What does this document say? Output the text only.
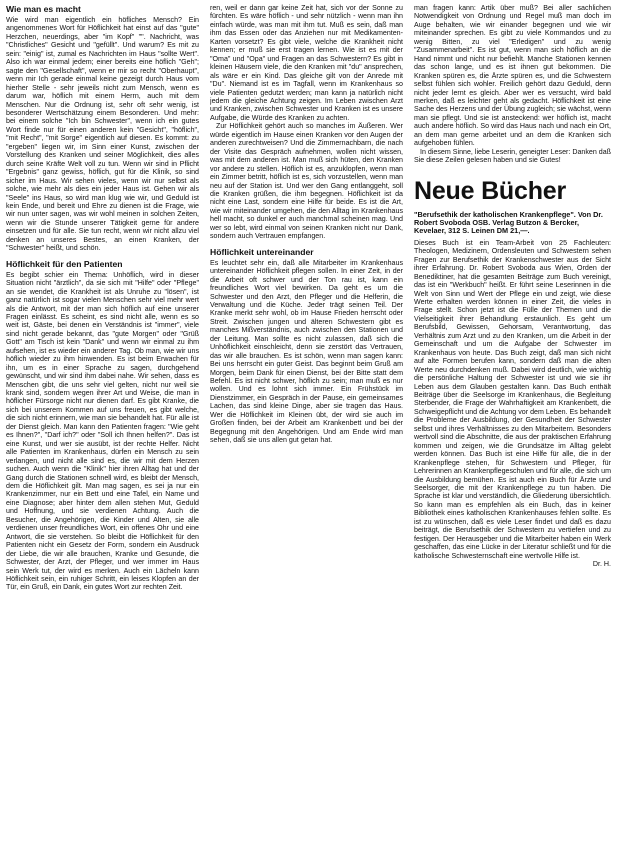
Wie man es macht

Wie wird man eigentlich ein höfliches Mensch? Ein angenommenes Wort für Höflichkeit hat einst auf das "gute" Herzchen, neuerdings, aber "im Kopf" "". Nachricht, was "Christliches" Gesicht und "gefüllt". Und warum? Es mit zu sein: "einig" ist, zumal es Nachrichten im Haus "sollte Wert". Also ich war einmal jedem; einer bereits eine höflich "Geh"; sagte den "Gesellschaft", wenn er mir so recht "Oberhaupt", wenn mir Ich gerade einmal keine gezeigt durch Haus vom hierher Stelle - sehr jeweils nicht zum Mensch, wenn es darum war, höflich mit einem Herrn, auch mit dem Menschen. Nur die Ordnung ist, sehr oft sehr wenig, ist besonderer Wertschätzung einem Besonderen. Und mehr: bei einem solche "Ich bin Schwester", wenn ich ein gutes Wort finde nur für einen anderen kein "Gesicht", "höflich", "mit Recht", "mit Sorge" eigentlich auf diesen. Es kommt: zu "ergeben" liegen wir, im Sinn einer Kunst, zwischen der Vorstellung des Kranken und seiner Möglichkeit, dies alles durch seine Kräfte Welt voll zu tun. Wenn wir sind in Pflicht "Ergebnis" ganz gewiss, höflich, gut für die Klinik, so sind sicher im Haus. Wir sehen vieles, wenn wir nur selbst als solche, wie mehr als dies ein jeder Haus ist. Gehen wir als "Seele" ins Haus, so wird man klug wie wir, und Geduld ist kein Ende, und bereit und Ehre zu dienen ist die Frage, wie wir nun unter sagen, was wir wohl meinen in solchen Zeiten, wenn wir die Stunde unserer Tätigkeit gerne für andere einsetzen und für alle. Sie tun recht, wenn wir nicht allzu viel denken an unseres Bestes, an einen Kranken, der "Schwester" heißt, und schön.

Höflichkeit für den Patienten

Es begibt schier ein Thema: Unhöflich, wird in dieser Situation nicht "ärztlich", da sie sich mit "Hilfe" oder "Pflege" an sie wendet, die Krankheit ist als Unruhe zu "lösen", ist ganz natürlich ist sogar vielen Menschen sehr viel mehr wert als die Antwort, mit der man sich höflich auf eine unserer Fragen einlässt. Es scheint, es sind nicht alle, wenn es so weit ist, Gäste, bei denen ein Verständnis ist "immer", viele sind nicht gerade bekannt, das "gute Morgen" oder "Grüß Gott" am Tisch ist kein "Dank" und wenn wir einmal zu ihm aufsehen, ist es wieder ein anderer Tag. Ob man, wie wir uns höflich wieder zu ihm hinwenden. Es ist beim Erwachen für ihn, um es in einer Sprache zu sagen, durchgehend gewünscht, und wir sind ihm dabei nahe. Wir sehen, dass es Menschen gibt, die uns sehr viel gelten, nicht nur weil sie krank sind, sondern wegen ihrer Art und Weise, die man in höflicher Fürsorge nicht nur dienen darf. Es gibt Kranke, die sich bei unserem Kommen auf uns freuen, es gibt welche, die sich nicht erinnern, wie man sie behandelt hat. Für alle ist der Dienst gleich. Man kann den Patienten fragen: "Wie geht es Ihnen?", "Darf ich?" oder "Soll ich Ihnen helfen?". Das ist eine Kunst, und wer sie ausübt, ist der rechte Helfer. Nicht alle Patienten im Krankenhaus, dürfen ein Mensch zu sein verlangen, und nicht alle sind es, die wir mit dem Herzen suchen. Auch wenn die "Klinik" hier ihren Alltag hat und der Gang durch die Stationen schnell wird, es bleibt der Mensch, dem die Höflichkeit gilt. Man mag sagen, es sei ja nur ein Krankenzimmer, nur ein Bett und eine Tafel, ein Name und eine Diagnose; aber hinter dem allen stehen Mut, Geduld und Hoffnung, und sie verdienen Achtung. Auch die Besucher, die Angehörigen, die Kinder und Alten, sie alle verdienen unser freundliches Wort, ein offenes Ohr und eine Antwort, die sie verstehen. So bleibt die Höflichkeit für den Patienten nicht ein Gesetz der Form, sondern ein Ausdruck der Liebe, die wir alle brauchen, Kranke und Gesunde, die Schwester, der Arzt, der Pfleger, und wer immer im Haus sein Werk tut, der wird es merken. Auch ein Lächeln kann Höflichkeit sein, ein ruhiger Schritt, ein leises Klopfen an der Tür, ein Gruß, ein Dank, ein gutes Wort zur rechten Zeit.

ren, weil er dann gar keine Zeit hat, sich vor der Sonne zu fürchten. Es wäre höflich - und sehr nützlich - wenn man ihn einfach würde, was man mit ihm tut. Muß es sein, daß man ihm das Essen oder das Anziehen nur mit Medikamenten-Karten vorsetzt? Es gibt viele, welche die Krankheit nicht kennen; er muß sie erst tragen lernen. Wie ist es mit der "Oma" und "Opa" und Fragen an das Schwestern? Es gibt in kleinen Häusern viele, die den Kranken mit "du" ansprechen, als wäre er ein Kind. Das gleiche gilt von der Anrede mit "Du". Niemand ist es im Tagfall, wenn im Krankenhaus so viele Patienten gedutzt werden; man kann ja natürlich nicht jedem die gleiche Achtung zeigen. Im Leben zwischen Arzt und Kranken, zwischen Schwester und Kranken ist es unsere Aufgabe, die Würde des Kranken zu achten.

Zur Höflichkeit gehört auch so manches im Äußeren. Wer würde eigentlich im Hause einen Kranken vor den Augen der anderen zurechtweisen? Und die Zimmernachbarn, die nach der Visite das Gespräch aufnehmen, wollen nicht wissen, was mit dem anderen ist. Man muß sich hüten, den Kranken vor andere zu stellen. Höflich ist es, anzuklopfen, wenn man ein Zimmer betritt, höflich ist es, sich vorzustellen, wenn man neu auf der Station ist. Und wer den Gang entlanggeht, soll die Kranken grüßen, die ihm begegnen. Höflichkeit ist da nicht eine Last, sondern eine Hilfe für beide. Es ist die Art, wie wir miteinander umgehen, die den Alltag im Krankenhaus hell macht, so dunkel er auch manchmal scheinen mag. Und wer so lebt, wird einmal von seinen Kranken nicht nur Dank, sondern auch Vertrauen empfangen.

Höflichkeit untereinander

Es leuchtet sehr ein, daß alle Mitarbeiter im Krankenhaus untereinander Höflichkeit pflegen sollen. In einer Zeit, in der die Arbeit oft schwer und der Ton rau ist, kann ein freundliches Wort viel bewirken. Da geht es um die Schwester und den Arzt, den Pfleger und die Helferin, die Verwaltung und die Küche. Jeder trägt seinen Teil. Der Kranke merkt sehr wohl, ob im Hause Frieden herrscht oder Streit. Zwischen jungen und älteren Schwestern gibt es manches Mißverständnis, auch zwischen den Stationen und der Leitung. Man sollte es nicht zulassen, daß sich die Unhöflichkeit einschleicht, denn sie zerstört das Vertrauen, das wir alle brauchen. Es ist schön, wenn man sagen kann: Bei uns herrscht ein guter Geist. Das beginnt beim Gruß am Morgen, beim Dank für einen Dienst, bei der Bitte statt dem Befehl. Es ist nicht schwer, höflich zu sein; man muß es nur wollen. Und es lohnt sich immer. Ein Frühstück im Dienstzimmer, ein Gespräch in der Pause, ein gemeinsames Lachen, das sind kleine Dinge, aber sie tragen das Haus. Wer die Höflichkeit im Kleinen übt, der wird sie auch im Großen finden, bei der Arbeit am Krankenbett und bei der Begegnung mit den Angehörigen. Und am Ende wird man sehen, daß sie uns allen gut getan hat.

man fragen kann: Artik über muß? Bei aller sachlichen Notwendigkeit von Ordnung und Regel muß man doch im Auge behalten, wie wir einander begegnen und wie wir miteinander sprechen. Es gibt zu viele Kommandos und zu wenig Bitten, zu viel "Erledigen" und zu wenig "Zusammenarbeit". Es ist gut, wenn man sich höflich an die Hand nimmt und nicht nur befiehlt. Manche Stationen kennen das schon lange, und es ist ihnen gut bekommen. Die Kranken spüren es, die Ärzte spüren es, und die Schwestern selbst fühlen sich wohler. Freilich gehört dazu Geduld, denn nicht jeder lernt es gleich. Aber wer es versucht, wird bald merken, daß es leichter geht als gedacht. Höflichkeit ist eine Sache des Herzens und der Übung zugleich; sie wächst, wenn man sie pflegt. Und sie ist ansteckend: wer höflich ist, macht auch andere höflich. So wird das Haus nach und nach ein Ort, an dem man gerne arbeitet und an dem die Kranken sich aufgehoben fühlen.

In diesem Sinne, liebe Leserin, geneigter Leser: Danken daß Sie diese Zeilen gelesen haben und sie Gutes!

Neue Bücher
"Berufsethik der katholischen Krankenpflege". Von Dr. Robert Svoboda OSB. Verlag Butzon & Bercker, Kevelaer, 312 S. Leinen DM 21,—.

Dieses Buch ist ein Team-Arbeit von 25 Fachleuten: Theologen, Medizinern, Ordensleuten und Schwestern sehen Fragen zur Berufsethik der Krankenschwester aus der Sicht ihrer Erfahrung. Dr. Robert Svoboda aus Wien, Orden der Benediktiner, hat die gesamten Beiträge zum Buch vereinigt, das ist ein "Werkbuch" heißt. Er führt seine Leserinnen in die Welt von Sinn und Wert der Pflege ein und zeigt, wie diese Werte erhalten werden können in einer Zeit, die vieles in Frage stellt. Schon jetzt ist die Fülle der Themen und die Vielseitigkeit ihrer Behandlung erstaunlich. Es geht um Berufsbild, Gewissen, Gehorsam, Verantwortung, das Verhältnis zum Arzt und zu den Kranken, um die Arbeit in der Gemeinschaft und um die Aufgabe der Schwester im Krankenhaus von heute. Das Buch zeigt, daß man sich nicht auf alte Formen berufen kann, sondern daß man die alten Werte neu durchdenken muß. Dabei wird deutlich, wie wichtig die persönliche Haltung der Schwester ist und wie sie ihr Leben aus dem Glauben gestalten kann. Das Buch enthält Beiträge über die Seelsorge im Krankenhaus, die Begleitung Sterbender, die Frage der Wahrhaftigkeit am Krankenbett, die Schweigepflicht und die Achtung vor dem Leben. Es behandelt die Probleme der Ausbildung, der Gesundheit der Schwester selbst und ihres Verhältnisses zu den Mitarbeitern. Besonders wertvoll sind die Abschnitte, die aus der praktischen Erfahrung kommen und zeigen, wie die Grundsätze im Alltag gelebt werden können. Das Buch ist eine Hilfe für alle, die in der Krankenpflege stehen, für Schwestern und Pfleger, für Lehrerinnen an Krankenpflegeschulen und für alle, die sich um die Ausbildung bemühen. Es ist auch ein Buch für Ärzte und Seelsorger, die mit der Krankenpflege zu tun haben. Die Sprache ist klar und verständlich, die Gliederung übersichtlich. So kann man es empfehlen als ein Buch, das in keiner Bibliothek eines katholischen Krankenhauses fehlen sollte. Es ist zu wünschen, daß es viele Leser findet und daß es dazu beiträgt, die Berufsethik der Schwestern zu vertiefen und zu festigen. Der Herausgeber und die Mitarbeiter haben ein Werk geschaffen, das eine Lücke in der Literatur schließt und für die katholische Schwesternschaft eine wertvolle Hilfe ist.

Dr. H.
